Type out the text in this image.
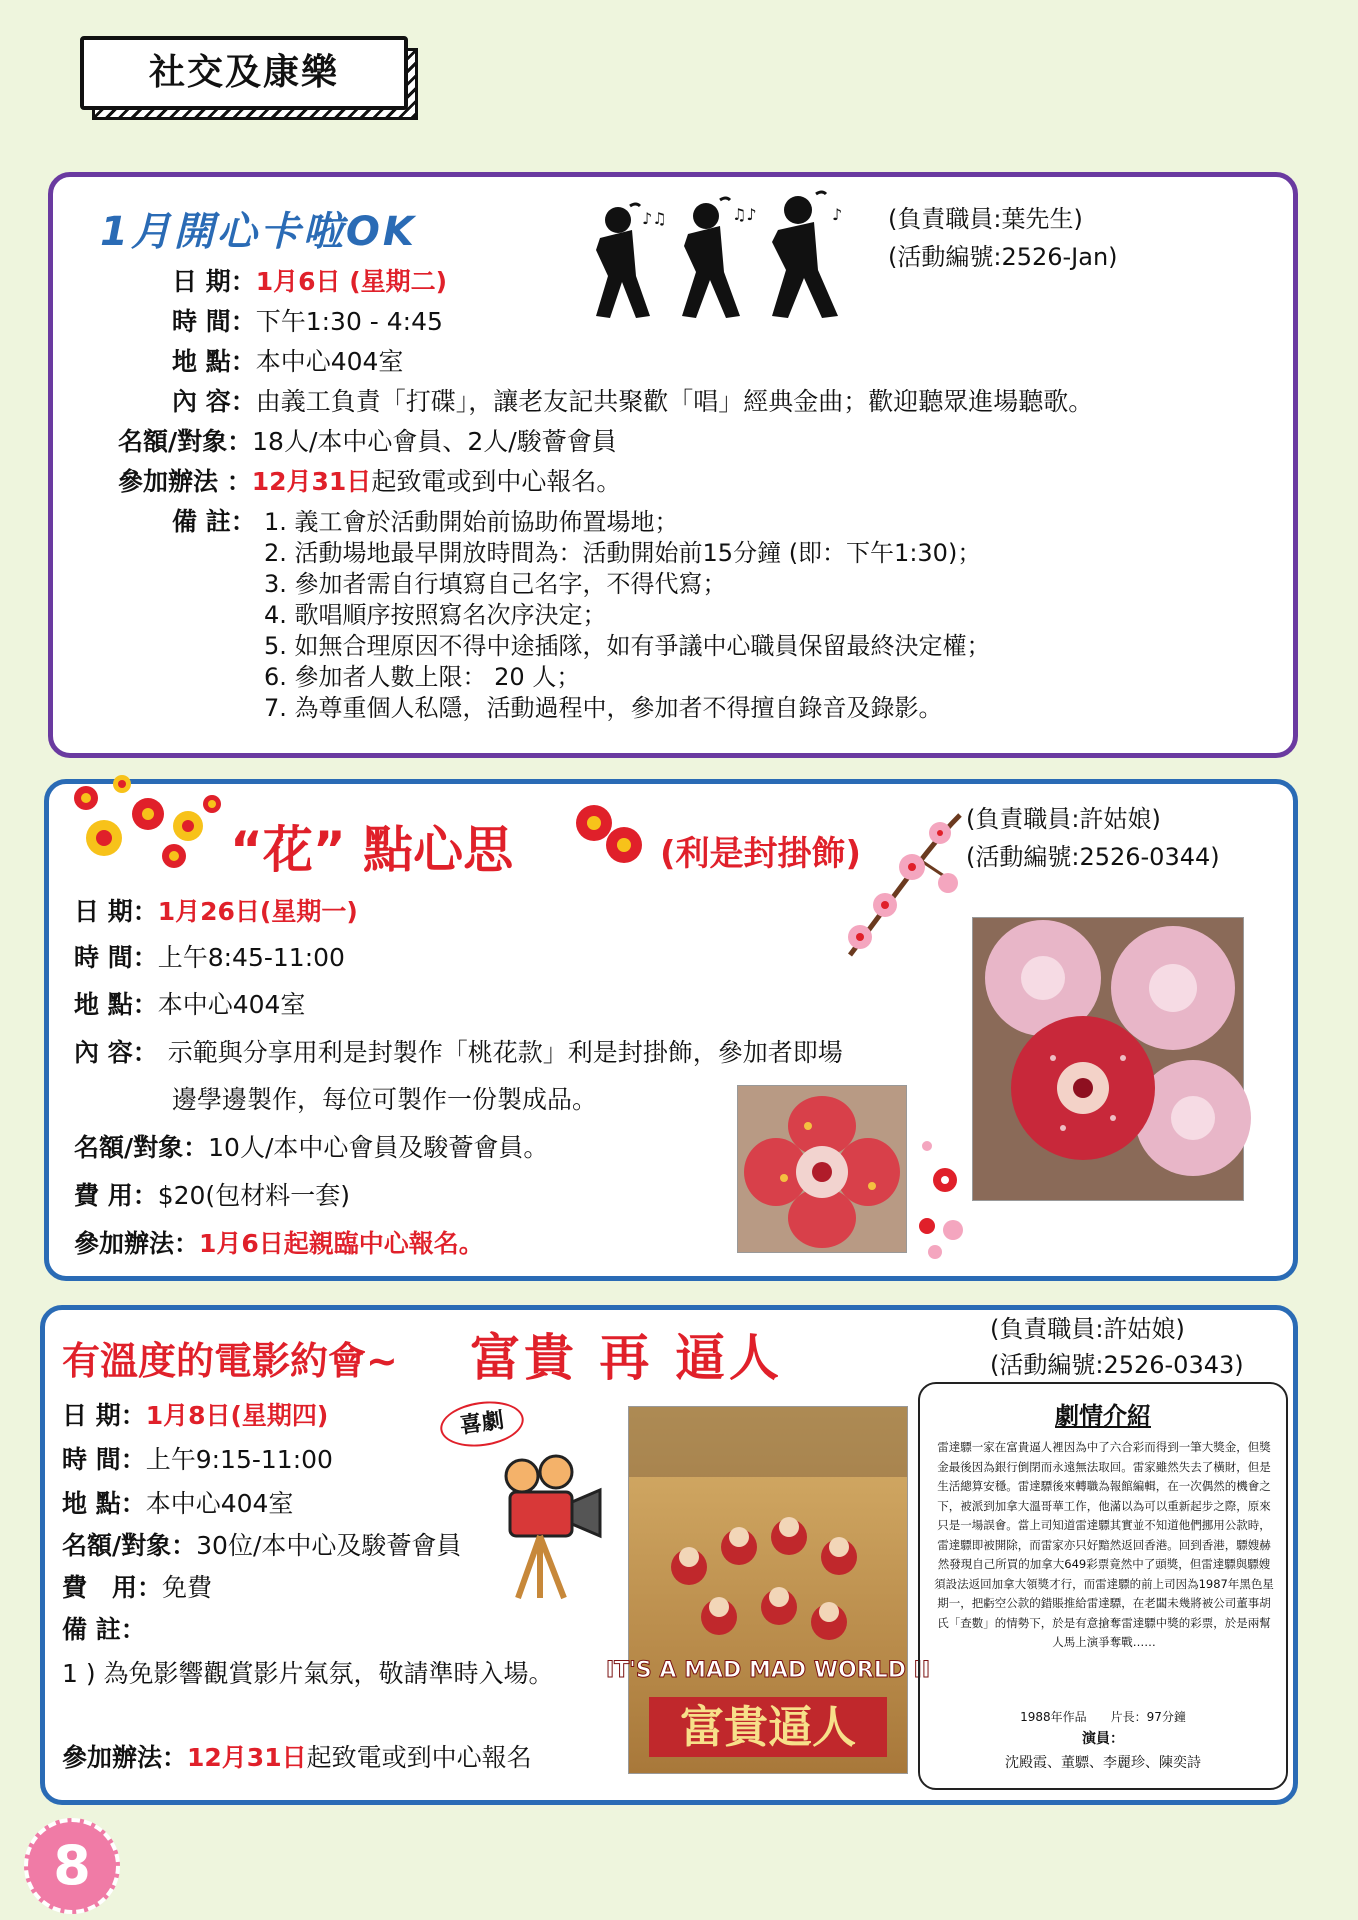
社交及康樂
1月開心卡啦OK	♪♫	♫♪	♪ (負責職員:葉先生)
(活動編號:2526-Jan)
日 期：1月6日 (星期二)
時 間：下午1:30 - 4:45
地 點：本中心404室
內 容：由義工負責「打碟」，讓老友記共聚歡「唱」經典金曲；歡迎聽眾進場聽歌。
名額/對象：18人/本中心會員、2人/駿薈會員
參加辦法 ：12月31日起致電或到中心報名。
備 註： 1. 義工會於活動開始前協助佈置場地；
2. 活動場地最早開放時間為：活動開始前15分鐘 (即：下午1:30)；
3. 參加者需自行填寫自己名字，不得代寫；
4. 歌唱順序按照寫名次序決定；
5. 如無合理原因不得中途插隊，如有爭議中心職員保留最終決定權；
6. 參加者人數上限： 20 人；
7. 為尊重個人私隱，活動過程中，參加者不得擅自錄音及錄影。
“花” 點心思	(利是封掛飾)
(負責職員:許姑娘)
(活動編號:2526-0344)
日 期：1月26日(星期一)
時 間：上午8:45-11:00
地 點：本中心404室
內 容： 示範與分享用利是封製作「桃花款」利是封掛飾，參加者即場
邊學邊製作，每位可製作一份製成品。
名額/對象：10人/本中心會員及駿薈會員。
費 用：$20(包材料一套)
參加辦法：1月6日起親臨中心報名。
有溫度的電影約會~ 富貴 再 逼人	(負責職員:許姑娘)
(活動編號:2526-0343)
日 期：1月8日(星期四)
時 間：上午9:15-11:00
地 點：本中心404室
名額/對象：30位/本中心及駿薈會員
費　用：免費
備 註：
1 ) 為免影響觀賞影片氣氛，敬請準時入場。
參加辦法：12月31日起致電或到中心報名
喜劇
IT'S A MAD MAD WORLD II
富貴逼人
劇情介紹
雷達驃一家在富貴逼人裡因為中了六合彩而得到一筆大獎金，但獎金最後因為銀行倒閉而永遠無法取回。雷家雖然失去了橫財，但是生活總算安穩。雷達驃後來轉職為報館編輯，在一次偶然的機會之下，被派到加拿大溫哥華工作，他滿以為可以重新起步之際，原來只是一場誤會。當上司知道雷達驃其實並不知道他們挪用公款時，雷達驃即被開除，而雷家亦只好黯然返回香港。回到香港，驃嫂赫然發現自己所買的加拿大649彩票竟然中了頭獎，但雷達驃與驃嫂須設法返回加拿大領獎才行，而雷達驃的前上司因為1987年黑色星期一，把虧空公款的錯賬推給雷達驃，在老闆未幾將被公司董事胡氏「查數」的情勢下，於是有意搶奪雷達驃中獎的彩票，於是兩幫人馬上演爭奪戰……
1988年作品　　片長：97分鐘
演員：
沈殿霞、董驃、李麗珍、陳奕詩
8
